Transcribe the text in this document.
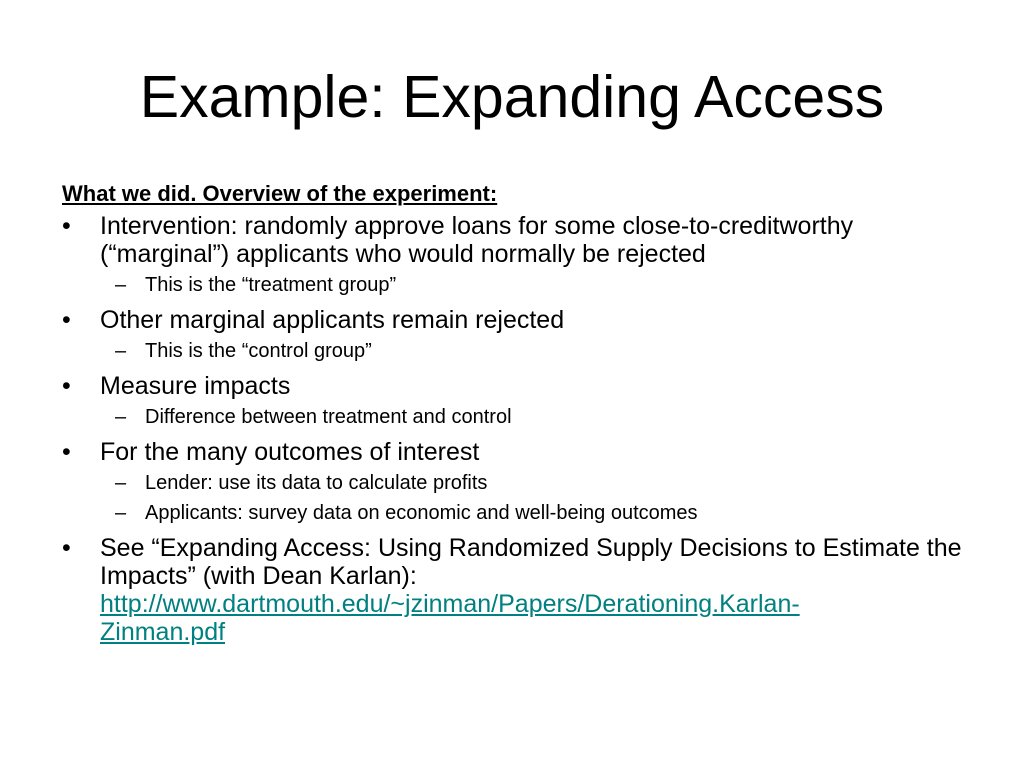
Example: Expanding Access
What we did. Overview of the experiment:
•	Intervention: randomly approve loans for some close-to-creditworthy (“marginal”) applicants who would normally be rejected
– This is the “treatment group”
•	Other marginal applicants remain rejected
– This is the “control group”
•	Measure impacts
– Difference between treatment and control
•	For the many outcomes of interest
– Lender: use its data to calculate profits
– Applicants: survey data on economic and well-being outcomes
•	See “Expanding Access: Using Randomized Supply Decisions to Estimate the Impacts” (with Dean Karlan):
http://www.dartmouth.edu/~jzinman/Papers/Derationing.Karlan-
Zinman.pdf
